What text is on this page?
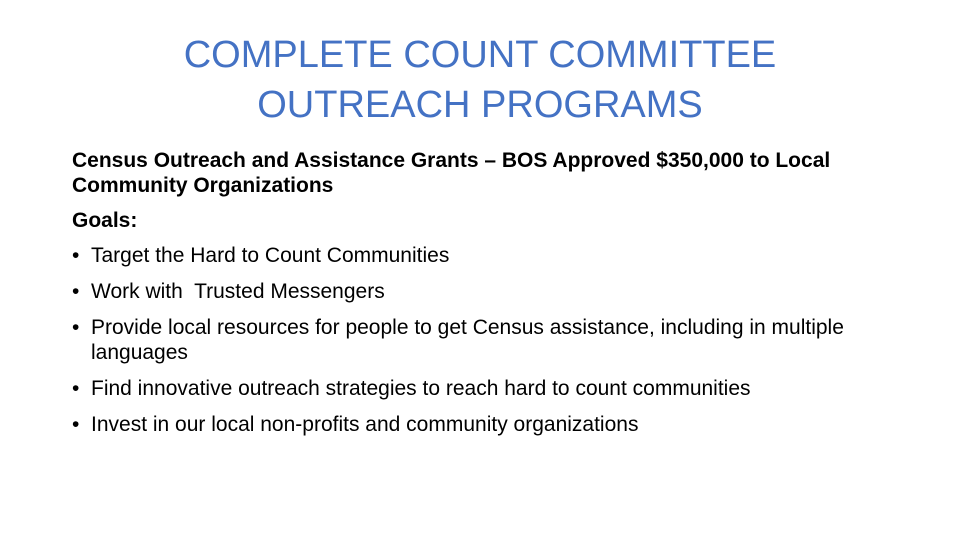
COMPLETE COUNT COMMITTEE
OUTREACH PROGRAMS

Census Outreach and Assistance Grants – BOS Approved $350,000 to Local Community Organizations

Goals:

• Target the Hard to Count Communities
• Work with  Trusted Messengers
• Provide local resources for people to get Census assistance, including in multiple languages
• Find innovative outreach strategies to reach hard to count communities
• Invest in our local non-profits and community organizations
